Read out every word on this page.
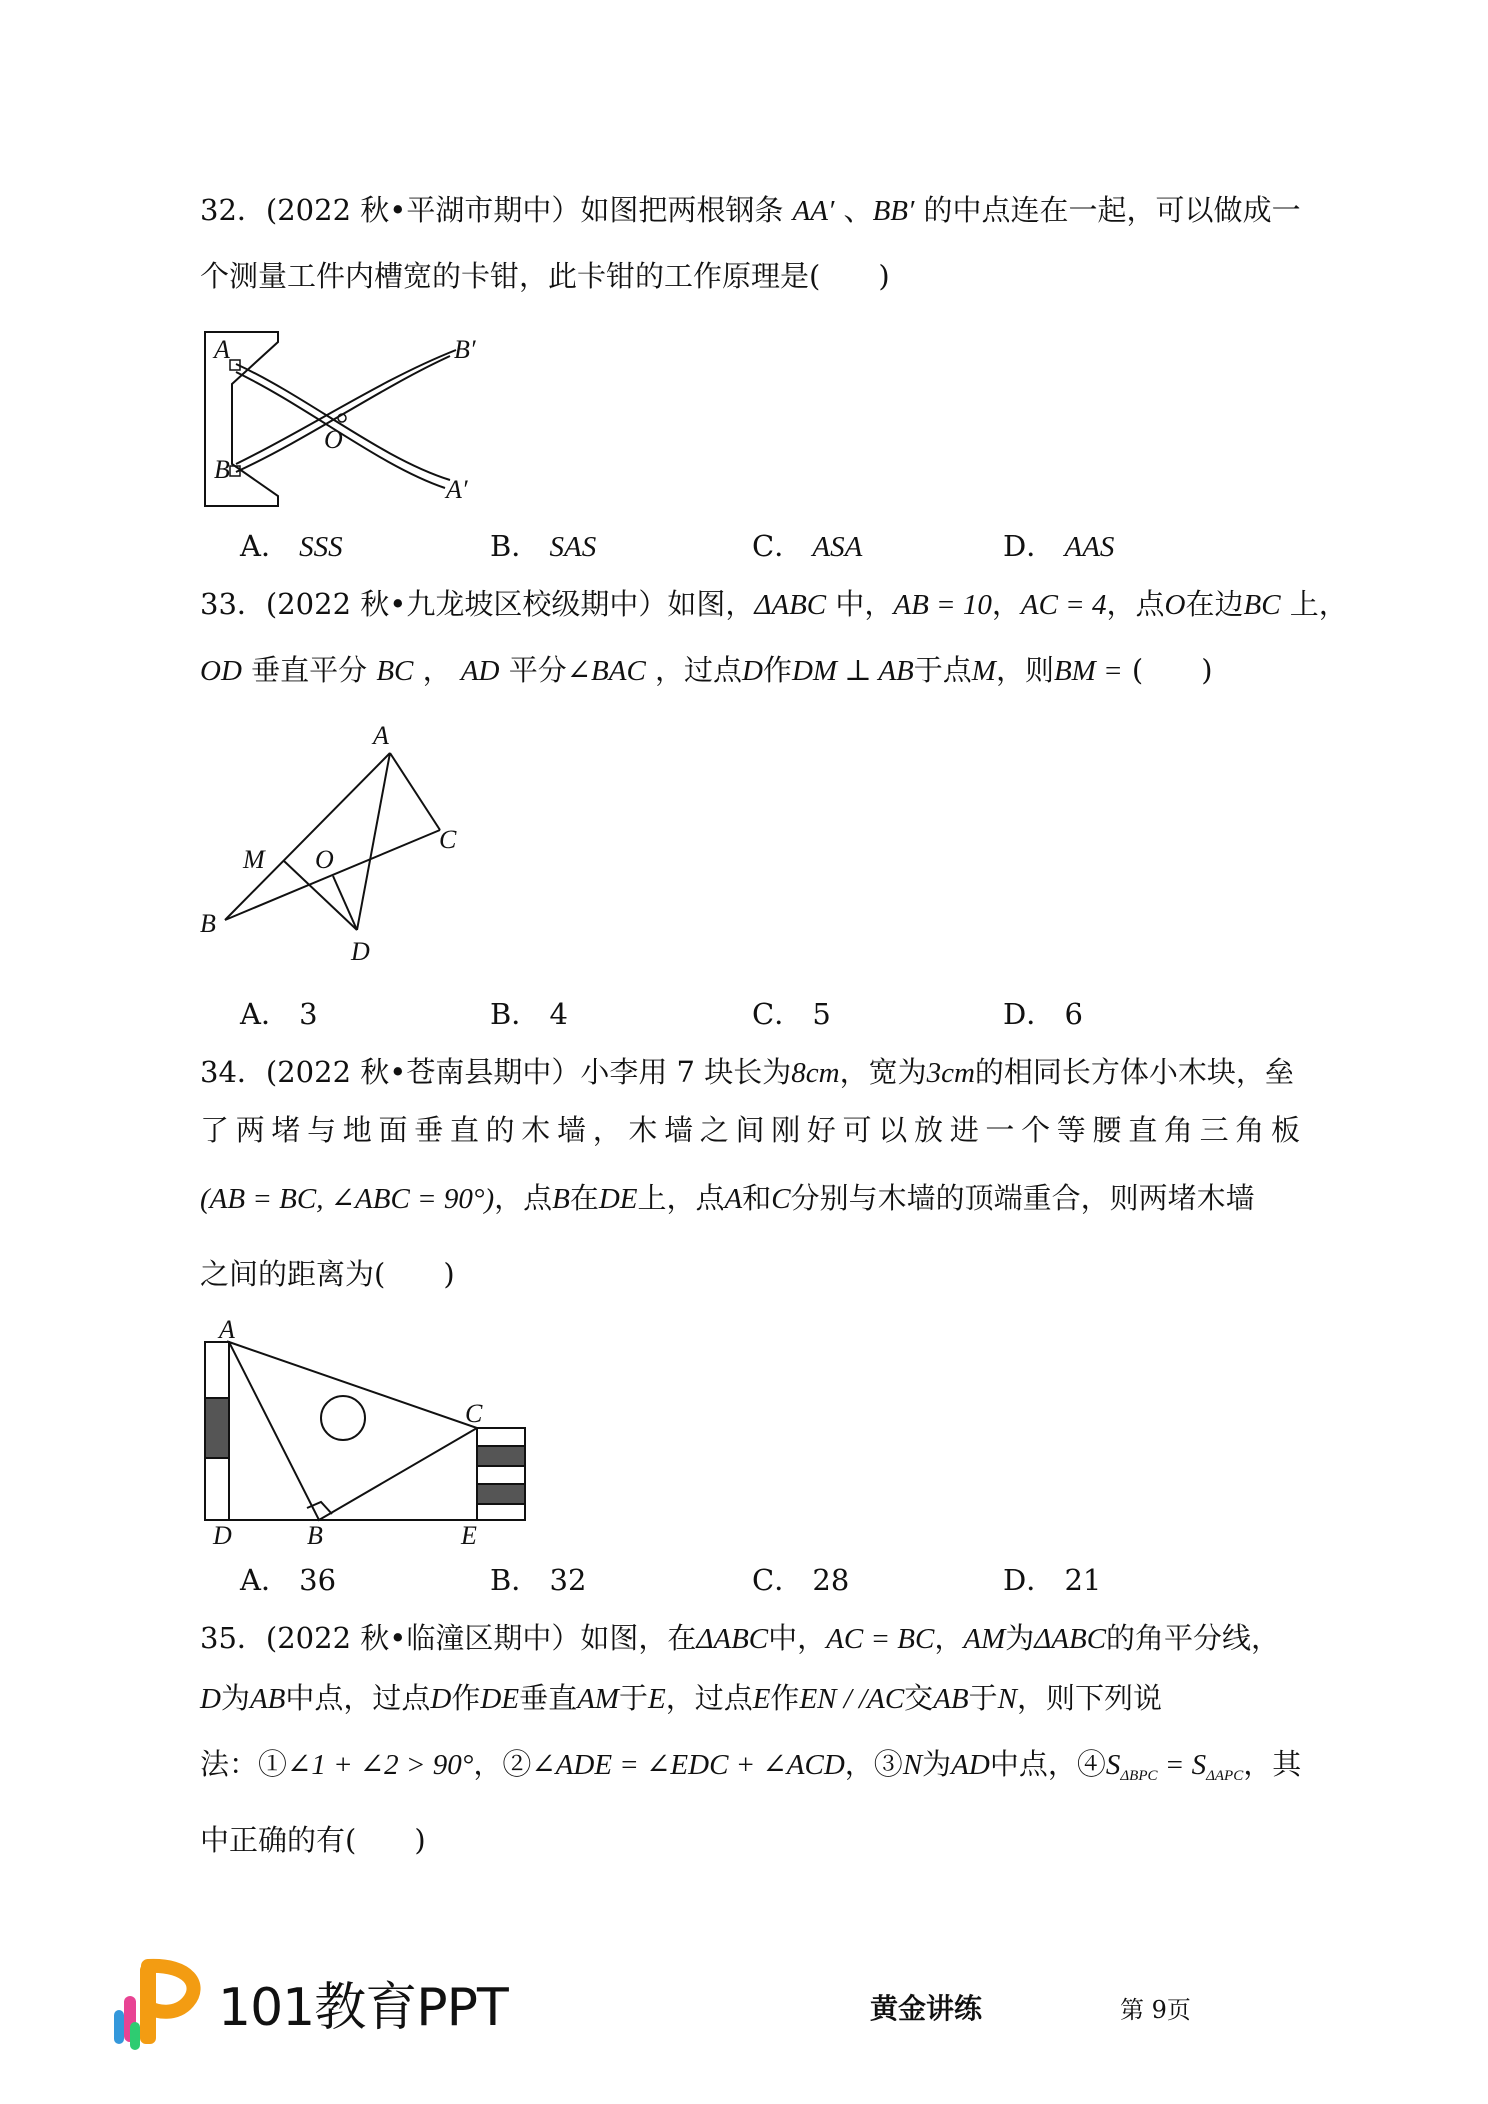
32．(2022 秋•平湖市期中）如图把两根钢条 AA′ 、BB′ 的中点连在一起，可以做成一
个测量工件内槽宽的卡钳，此卡钳的工作原理是(　　)
A
B
B′
O
A′
A． SSS	B． SAS	C． ASA	D． AAS
33．(2022 秋•九龙坡区校级期中）如图，ΔABC 中，AB = 10，AC = 4，点O在边BC 上，
OD 垂直平分 BC ， AD 平分∠BAC ，过点D作DM ⊥ AB于点M，则BM = (　　)
A
C
M O
B
D
A． 3	B． 4	C． 5	D． 6
34．(2022 秋•苍南县期中）小李用 7 块长为8cm，宽为3cm的相同长方体小木块，垒
了两堵与地面垂直的木墙，木墙之间刚好可以放进一个等腰直角三角板
(AB = BC, ∠ABC = 90°)，点B在DE上，点A和C分别与木墙的顶端重合，则两堵木墙
之间的距离为(　　)
A
C
D	B	E
A． 36	B． 32	C． 28	D． 21
35．(2022 秋•临潼区期中）如图，在ΔABC中，AC = BC，AM为ΔABC的角平分线，
D为AB中点，过点D作DE垂直AM于E，过点E作EN / /AC交AB于N，则下列说
法：①∠1 + ∠2 > 90°，②∠ADE = ∠EDC + ∠ACD，③N为AD中点，$④S_{\Delta BPC} = S_{\Delta APC}$，其
中正确的有(　　)
101教育PPT	黄金讲练	第 9页
